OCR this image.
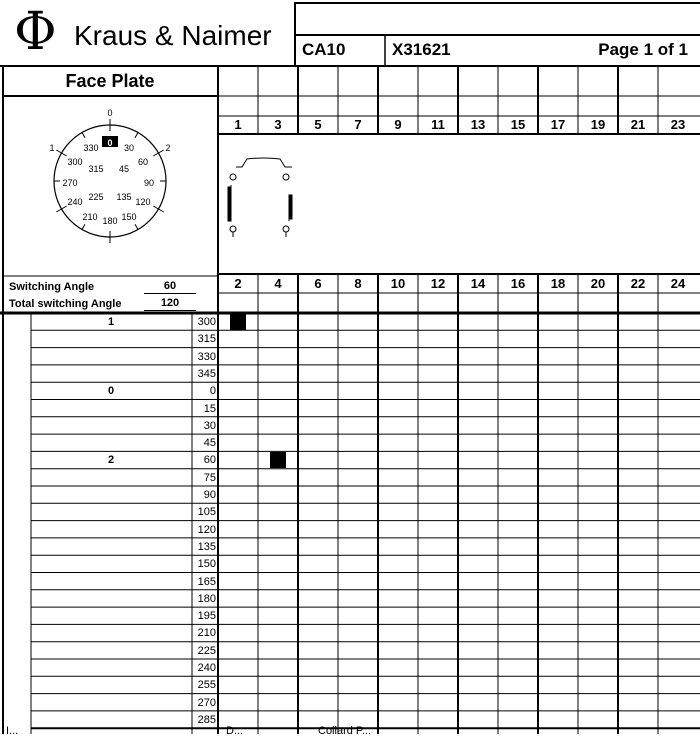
Φ Kraus & Naimer CA10	X31621	Page 1 of 1
Face Plate
0
1	2
330 0	30
300	60
315	45
270	90
225	135
240	120
210 180 150
Switching Angle	60
Total switching Angle	120
1	3	5	7	9	11	13	15	17	19	21	23
2	4	6	8	10	12	14	16	18	20	22	24
1	300
315
330
345
0	0
15
30
45
2	60
75
90
105
120
135
150
165
180
195
210
225
240
255
270
285
I...	D...	Collard P...
